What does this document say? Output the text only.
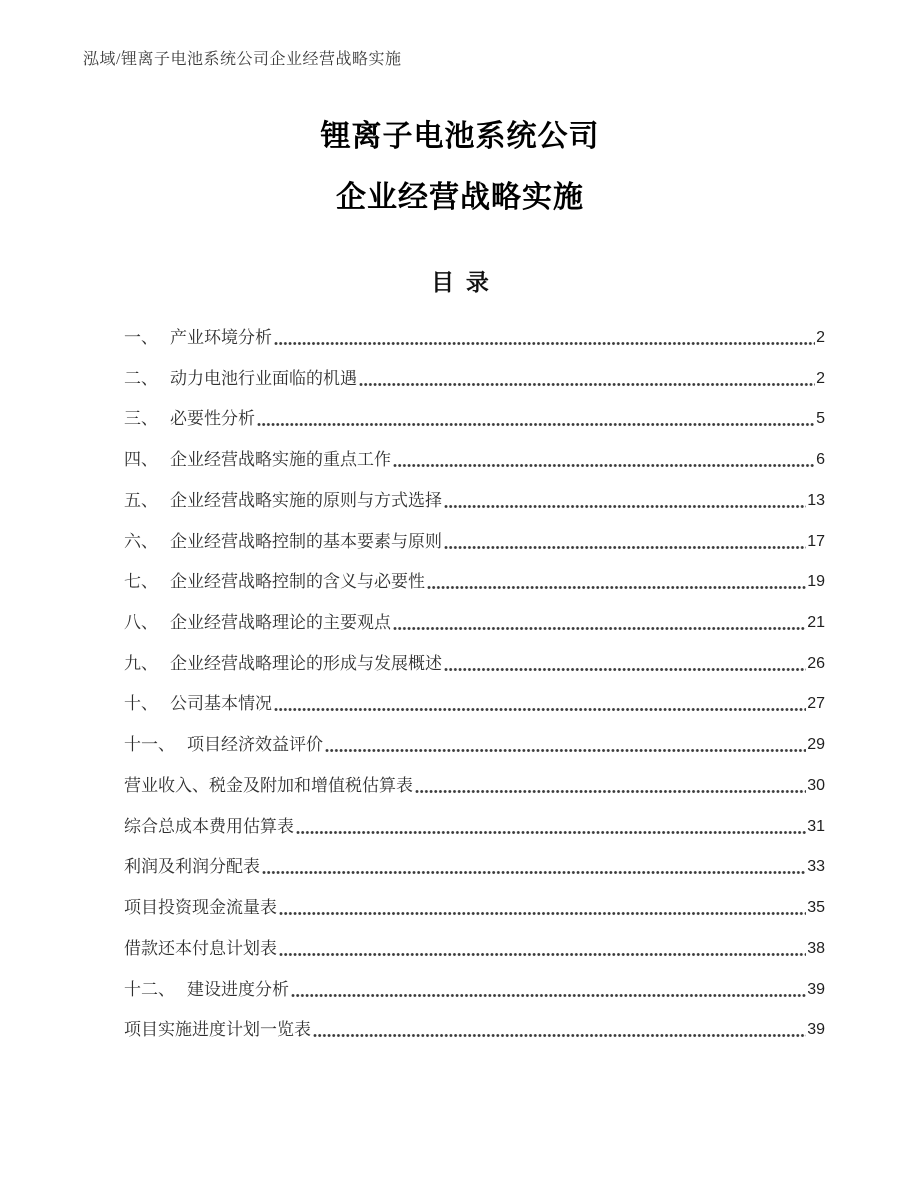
泓域/锂离子电池系统公司企业经营战略实施
锂离子电池系统公司
企业经营战略实施
目 录
一、 产业环境分析	2
二、 动力电池行业面临的机遇	2
三、 必要性分析	5
四、 企业经营战略实施的重点工作	6
五、 企业经营战略实施的原则与方式选择	13
六、 企业经营战略控制的基本要素与原则	17
七、 企业经营战略控制的含义与必要性	19
八、 企业经营战略理论的主要观点	21
九、 企业经营战略理论的形成与发展概述	26
十、 公司基本情况	27
十一、 项目经济效益评价	29
营业收入、税金及附加和增值税估算表	30
综合总成本费用估算表	31
利润及利润分配表	33
项目投资现金流量表	35
借款还本付息计划表	38
十二、 建设进度分析	39
项目实施进度计划一览表	39
